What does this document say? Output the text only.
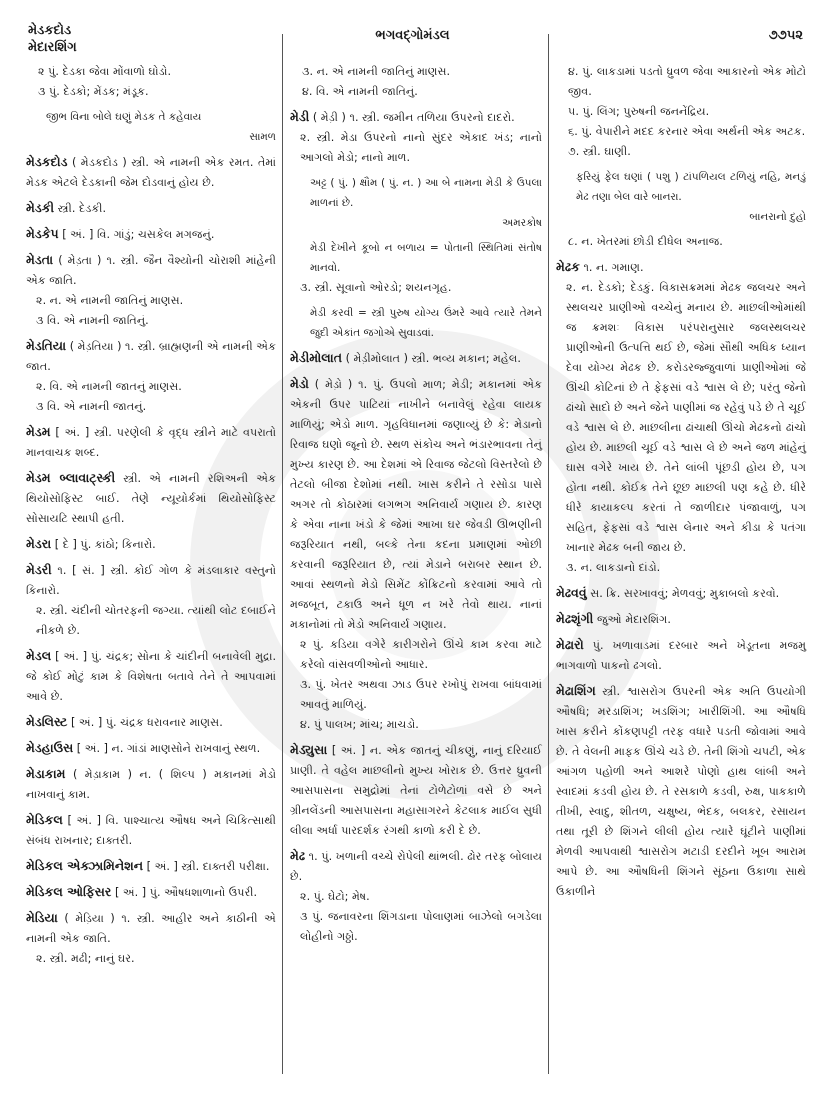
મેડકદોડ
મેદારશિંગ
ભગવદ્ગોમંડલ	૭૭૫૨
૨ પું. દેડકા જેવા મોંવાળો ઘોડો.
૩ પું. દેડકો; મેંડક; મંડૂક.
જીભ વિના બોલે ઘણું મેડક તે કહેવાય
સામળ
મેડકદોડ ( મેડકદોડ ) સ્ત્રી. એ નામની એક રમત. તેમાં મેડક એટલે દેડકાની જેમ દોડવાનું હોય છે.
મેડકી સ્ત્રી. દેડકી.
મેડકેપ [ અં. ] વિ. ગાંડું; ચસકેલ મગજનું.
મેડતા ( મેડ઼તા ) ૧. સ્ત્રી. જૈન વૈશ્યોની ચોરાશી માંહેની એક જાતિ.
૨. ન. એ નામની જાતિનું માણસ.
૩ વિ. એ નામની જાતિનું.
મેડતિયા ( મેડ઼તિયા ) ૧. સ્ત્રી. બ્રાહ્મણની એ નામની એક જાત.
૨. વિ. એ નામની જાતનું માણસ.
૩ વિ. એ નામની જાતનું.
મેડમ [ અં. ] સ્ત્રી. પરણેલી કે વૃદ્ધ સ્ત્રીને માટે વપરાતો માનવાચક શબ્દ.
મેડમ બ્લાવાટ્સ્કી સ્ત્રી. એ નામની રશિઅની એક થિયોસોફિસ્ટ બાઈ. તેણે ન્યૂયોર્કમાં થિયોસોફિસ્ટ સોસાયટિ સ્થાપી હતી.
મેડરા [ દે ] પું. કાંઠો; કિનારો.
મેડરી ૧. [ સં. ] સ્ત્રી. કોઈ ગોળ કે મંડલાકાર વસ્તુનો કિનારો.
૨. સ્ત્રી. ચંદીની ચોતરફની જગ્યા. ત્યાંથી લોટ દબાઈને નીકળે છે.
મેડલ [ અં. ] પું. ચંદ્રક; સોના કે ચાંદીની બનાવેલી મુદ્રા. જે કોઈ મોટું કામ કે વિશેષતા બતાવે તેને તે આપવામાં આવે છે.
મેડલિસ્ટ [ અં. ] પું. ચંદ્રક ધરાવનાર માણસ.
મેડહાઉસ [ અં. ] ન. ગાંડાં માણસોને રાખવાનું સ્થળ.
મેડાકામ ( મેડ઼ાકામ ) ન. ( શિલ્પ ) મકાનમાં મેડો નાખવાનું કામ.
મેડિકલ [ અં. ] વિ. પાશ્ચાત્ય ઔષધ અને ચિકિત્સાથી સંબંધ રાખનાર; દાક્તરી.
મેડિકલ એક્ઝામિનેશન [ અં. ] સ્ત્રી. દાક્તરી પરીક્ષા.
મેડિકલ ઓફિસર [ અં. ] પું. ઔષધશાળાનો ઉપરી.
મેડિયા ( મેડ઼િયા ) ૧. સ્ત્રી. આહીર અને કાઠીની એ નામની એક જાતિ.
૨. સ્ત્રી. મઢી; નાનું ઘર.
૩. ન. એ નામની જાતિનું માણસ.
૪. વિ. એ નામની જાતિનું.
મેડી ( મેડ઼ી ) ૧. સ્ત્રી. જમીન તળિયા ઉપરનો દાદરો.
૨. સ્ત્રી. મેડા ઉપરનો નાનો સુંદર એકાદ ખંડ; નાનો આગલો મેડો; નાનો માળ.
અટ્ટ ( પું. ) ક્ષૌમ ( પું. ન. ) આ બે નામના મેડી કે ઉપલા માળનાં છે.
અમરકોષ
મેડી દેખીને કૂબો ન બળાય = પોતાની સ્થિતિમાં સંતોષ માનવો.
૩. સ્ત્રી. સૂવાનો ઓરડો; શયનગૃહ.
મેડી કરવી = સ્ત્રી પુરુષ યોગ્ય ઉંમરે આવે ત્યારે તેમને જુદી એકાંત જગોએ સુવાડવાં.
મેડીમોલાત ( મેડ઼ીમોલાત ) સ્ત્રી. ભવ્ય મકાન; મહેલ.
મેડો ( મેડ઼ો ) ૧. પું. ઉપલો માળ; મેડી; મકાનમાં એક એકની ઉપર પાટિયાં નાખીને બનાવેલું રહેવા લાયક માળિયું; એડો માળ. ગૃહવિધાનમાં જણાવ્યું છે કે: મેડાનો રિવાજ ઘણો જૂનો છે. સ્થળ સંકોચ અને ભંડારભાવના તેનું મુખ્ય કારણ છે. આ દેશમાં એ રિવાજ જેટલો વિસ્તરેલો છે તેટલો બીજા દેશોમાં નથી. ખાસ કરીને તે રસોડા પાસે અગર તો કોઠારમાં લગભગ અનિવાર્ય ગણાય છે. કારણ કે એવા નાના ખંડો કે જેમાં આખા ઘર જેવડી ઊભણીની જરૂરિયાત નથી, બલ્કે તેના કદના પ્રમાણમાં ઓછી કરવાની જરૂરિયાત છે, ત્યાં મેડાને બરાબર સ્થાન છે. આવાં સ્થળનો મેડો સિમેંટ કોંક્રિટનો કરવામાં આવે તો મજબૂત, ટકાઉ અને ધૂળ ન ખરે તેવો થાય. નાનાં મકાનોમાં તો મેડો અનિવાર્ય ગણાય.
૨ પું. કડિયા વગેરે કારીગરોને ઊંચે કામ કરવા માટે કરેલો વાંસવળીઓનો આધાર.
૩. પું. ખેતર અથવા ઝાડ ઉપર રખોપું રાખવા બાંધવામાં આવતું માળિયું.
૪. પું પાલખ; માંચ; માચડો.
મેડ્યુસા [ અં. ] ન. એક જાતનું ચીકણું, નાનું દરિયાઈ પ્રાણી. તે વહેલ માછલીનો મુખ્ય ખોરાક છે. ઉત્તર ધ્રુવની આસપાસના સમુદ્રોમાં તેનાં ટોળેટોળાં વસે છે અને ગ્રીનલેંડની આસપાસના મહાસાગરને કેટલાક માઈલ સુધી લીલા અર્ધા પારદર્શક રંગથી કાળો કરી દે છે.
મેઢ ૧. પું. ખળાની વચ્ચે રોપેલી થાંભલી. ઢોર તરફ બોલાય છે.
૨. પું. ઘેટો; મેષ.
૩ પું. જનાવરના શિંગડાના પોલાણમાં બાઝેલો બગડેલા લોહીનો ગઠ્ઠો.
૪. પું. લાકડામાં પડતો ધ્રુવળ જેવા આકારનો એક મોટો જીવ.
૫. પું. લિંગ; પુરુષની જનનેંદ્રિય.
૬. પું. વેપારીને મદદ કરનાર એવા અર્થની એક અટક.
૭. સ્ત્રી. ઘાણી.
ફરિયું ફેલ ઘણાં ( પશુ ) ટાંપળિયલ ટળિયું નહિ, મનડું મેઢ તણા બેલ વારે બાનરા.
બાનરાનો દુહો
૮. ન. ખેતરમાં છોડી દીધેલ અનાજ.
મેઢક ૧. ન. ગમાણ.
૨. ન. દેડકો; દેડકું. વિકાસક્રમમાં મેઢક જલચર અને સ્થલચર પ્રાણીઓ વચ્ચેનું મનાય છે. માછલીઓમાંથી જ ક્રમશઃ વિકાસ પરંપરાનુસાર જલસ્થલચર પ્રાણીઓની ઉત્પત્તિ થઈ છે, જેમાં સૌથી અધિક ધ્યાન દેવા યોગ્ય મેઢક છે. કરોડરજ્જુવાળાં પ્રાણીઓમાં જે ઊંચી કોટિનાં છે તે ફેફસાં વડે શ્વાસ લે છે; પરંતુ જેનો ઢાંચો સાદો છે અને જેને પાણીમાં જ રહેવું પડે છે તે ચૂઈ વડે શ્વાસ લે છે. માછલીના ઢાંચાથી ઊંચો મેઢકનો ઢાંચો હોય છે. માછલી ચૂઈ વડે શ્વાસ લે છે અને જળ માંહેનું ઘાસ વગેરે ખાય છે. તેને લાંબી પૂંછડી હોય છે, પગ હોતા નથી. કોઈક તેને છૂછ માછલી પણ કહે છે. ધીરે ધીરે કાયાકલ્પ કરતાં તે જાળીદાર પંજાવાળું, પગ સહિત, ફેફસાં વડે શ્વાસ લેનાર અને કીડા કે પતંગા ખાનાર મેઢક બની જાય છે.
૩. ન. લાકડાનો દાંડો.
મેઢવવું સ. ક્રિ. સરખાવવું; મેળવવું; મુકાબલો કરવો.
મેઢશૃંગી જુઓ મેદારશિંગ.
મેઢારો પું. ખળાવાડમાં દરબાર અને ખેડૂતના મજમુ ભાગવાળો પાકનો ઢગલો.
મેઢાશિંગ સ્ત્રી. શ્વાસરોગ ઉપરની એક અતિ ઉપયોગી ઔષધિ; મરડાશિંગ; ખડશિંગ; ખારીશિંગી. આ ઔષધિ ખાસ કરીને કોંકણપટ્ટી તરફ વધારે પડતી જોવામાં આવે છે. તે વેલની માફક ઊંચે ચડે છે. તેની શિંગો ચપટી, એક આંગળ પહોળી અને આશરે પોણો હાથ લાંબી અને સ્વાદમાં કડવી હોય છે. તે રસકાળે કડવી, રુક્ષ, પાકકાળે તીખી, સ્વાદુ, શીતળ, ચક્ષુષ્ય, ભેદક, બલકર, રસાયન તથા તૂરી છે શિંગને લીલી હોય ત્યારે ઘૂંટીને પાણીમાં મેળવી આપવાથી શ્વાસરોગ મટાડી દરદીને ખૂબ આરામ આપે છે. આ ઔષધિની શિંગને સૂંઠના ઉકાળા સાથે ઉકાળીને
